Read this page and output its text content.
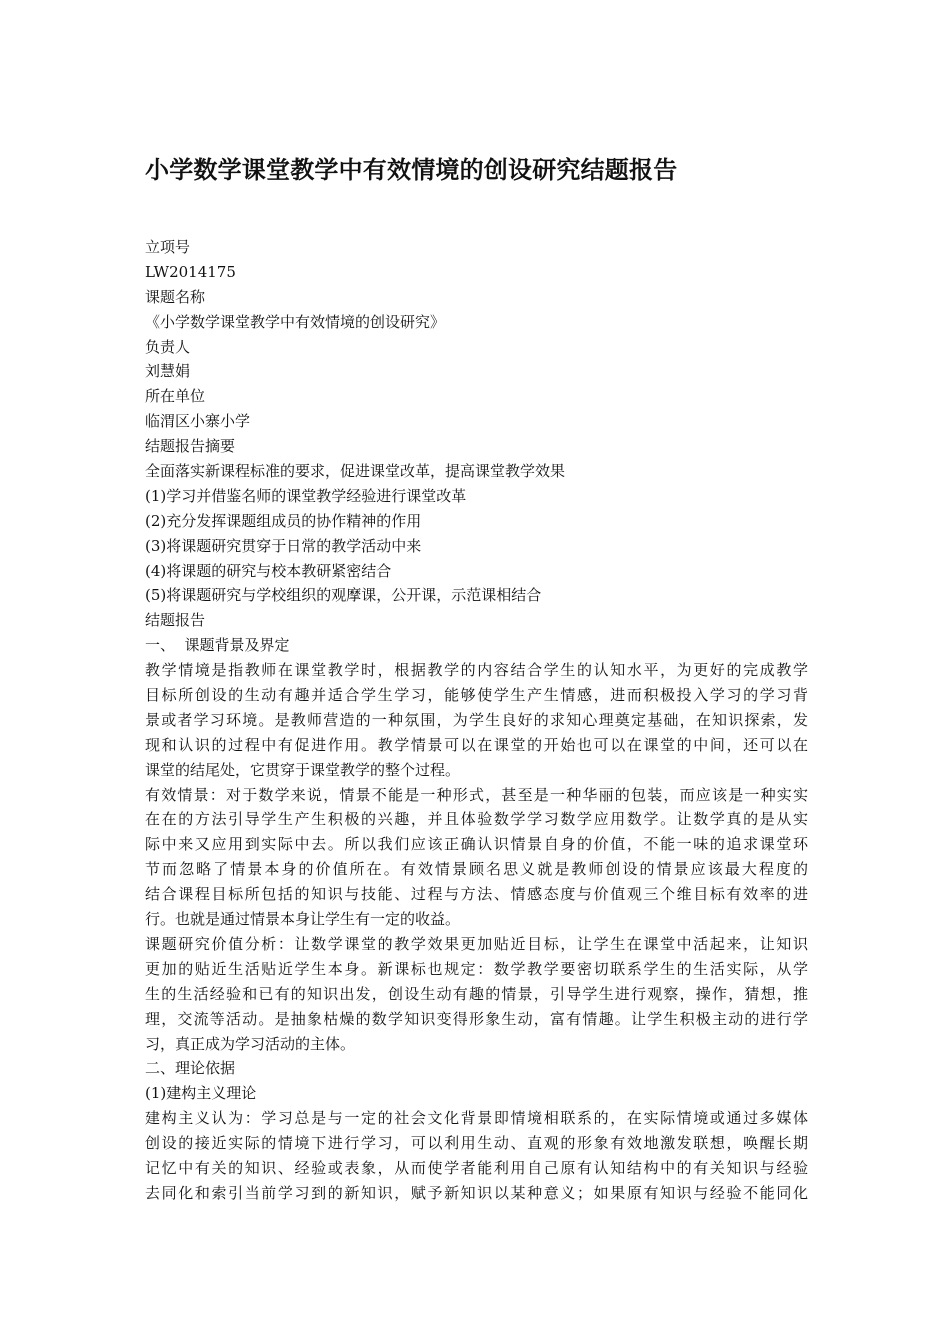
小学数学课堂教学中有效情境的创设研究结题报告
立项号
LW2014175
课题名称
《小学数学课堂教学中有效情境的创设研究》
负责人
刘慧娟
所在单位
临渭区小寨小学
结题报告摘要
全面落实新课程标准的要求，促进课堂改革，提高课堂教学效果
(1)学习并借鉴名师的课堂教学经验进行课堂改革
(2)充分发挥课题组成员的协作精神的作用
(3)将课题研究贯穿于日常的教学活动中来
(4)将课题的研究与校本教研紧密结合
(5)将课题研究与学校组织的观摩课，公开课，示范课相结合
结题报告
一、  课题背景及界定
教学情境是指教师在课堂教学时，根据教学的内容结合学生的认知水平，为更好的完成教学
目标所创设的生动有趣并适合学生学习，能够使学生产生情感，进而积极投入学习的学习背
景或者学习环境。是教师营造的一种氛围，为学生良好的求知心理奠定基础，在知识探索，发
现和认识的过程中有促进作用。教学情景可以在课堂的开始也可以在课堂的中间，还可以在
课堂的结尾处，它贯穿于课堂教学的整个过程。
有效情景：对于数学来说，情景不能是一种形式，甚至是一种华丽的包装，而应该是一种实实
在在的方法引导学生产生积极的兴趣，并且体验数学学习数学应用数学。让数学真的是从实
际中来又应用到实际中去。所以我们应该正确认识情景自身的价值，不能一味的追求课堂环
节而忽略了情景本身的价值所在。有效情景顾名思义就是教师创设的情景应该最大程度的
结合课程目标所包括的知识与技能、过程与方法、情感态度与价值观三个维目标有效率的进
行。也就是通过情景本身让学生有一定的收益。
课题研究价值分析：让数学课堂的教学效果更加贴近目标，让学生在课堂中活起来，让知识
更加的贴近生活贴近学生本身。新课标也规定：数学教学要密切联系学生的生活实际，从学
生的生活经验和已有的知识出发，创设生动有趣的情景，引导学生进行观察，操作，猜想，推
理，交流等活动。是抽象枯燥的数学知识变得形象生动，富有情趣。让学生积极主动的进行学
习，真正成为学习活动的主体。
二、理论依据
(1)建构主义理论
建构主义认为：学习总是与一定的社会文化背景即情境相联系的，在实际情境或通过多媒体
创设的接近实际的情境下进行学习，可以利用生动、直观的形象有效地激发联想，唤醒长期
记忆中有关的知识、经验或表象，从而使学者能利用自己原有认知结构中的有关知识与经验
去同化和索引当前学习到的新知识，赋予新知识以某种意义；如果原有知识与经验不能同化
